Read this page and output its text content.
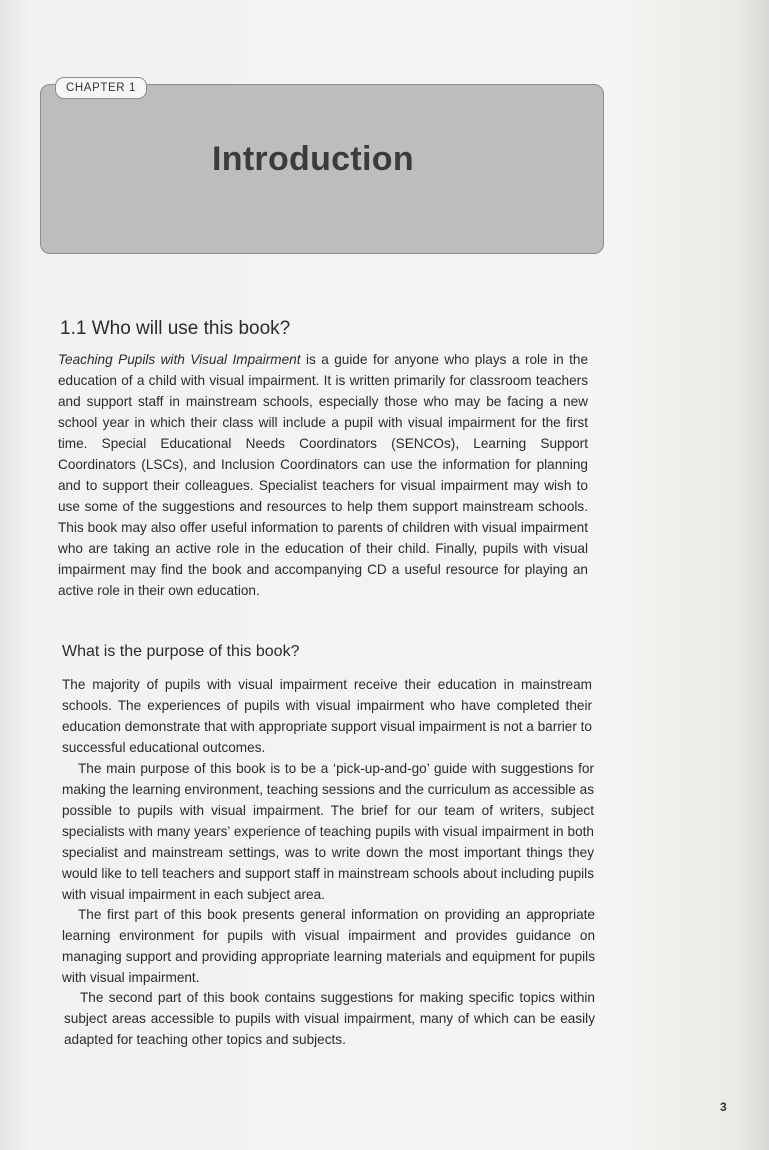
CHAPTER 1
Introduction
1.1 Who will use this book?
Teaching Pupils with Visual Impairment is a guide for anyone who plays a role in the education of a child with visual impairment. It is written primarily for classroom teachers and support staff in mainstream schools, especially those who may be facing a new school year in which their class will include a pupil with visual impairment for the first time. Special Educational Needs Coordinators (SENCOs), Learning Support Coordinators (LSCs), and Inclusion Coordinators can use the information for planning and to support their colleagues. Specialist teachers for visual impairment may wish to use some of the suggestions and resources to help them support mainstream schools. This book may also offer useful information to parents of children with visual impairment who are taking an active role in the education of their child. Finally, pupils with visual impairment may find the book and accompanying CD a useful resource for playing an active role in their own education.
What is the purpose of this book?
The majority of pupils with visual impairment receive their education in mainstream schools. The experiences of pupils with visual impairment who have completed their education demonstrate that with appropriate support visual impairment is not a barrier to successful educational outcomes.
The main purpose of this book is to be a ‘pick-up-and-go’ guide with suggestions for making the learning environment, teaching sessions and the curriculum as accessible as possible to pupils with visual impairment. The brief for our team of writers, subject specialists with many years’ experience of teaching pupils with visual impairment in both specialist and mainstream settings, was to write down the most important things they would like to tell teachers and support staff in mainstream schools about including pupils with visual impairment in each subject area.
The first part of this book presents general information on providing an appropriate learning environment for pupils with visual impairment and provides guidance on managing support and providing appropriate learning materials and equipment for pupils with visual impairment.
The second part of this book contains suggestions for making specific topics within subject areas accessible to pupils with visual impairment, many of which can be easily adapted for teaching other topics and subjects.
3
